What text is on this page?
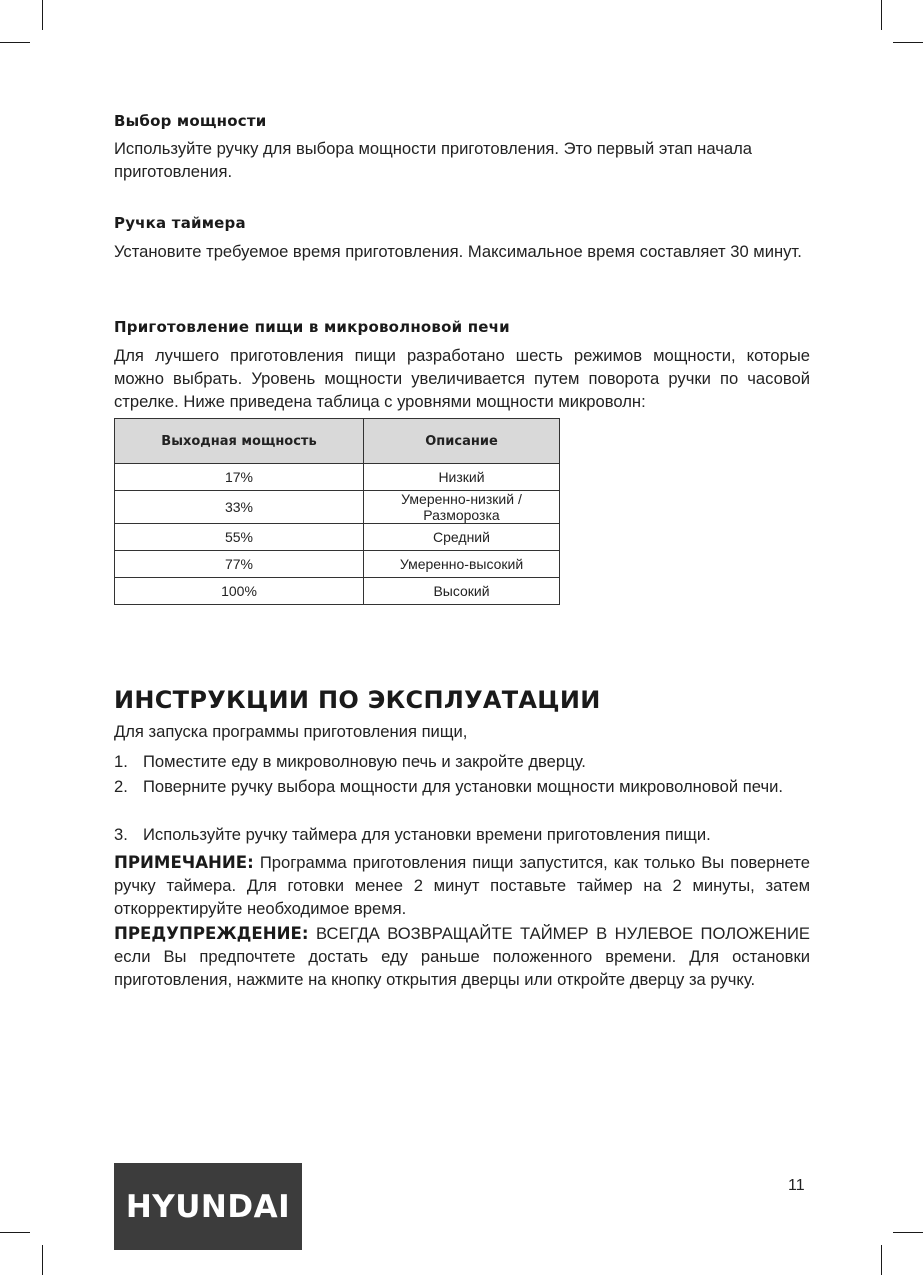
Выбор мощности

Используйте ручку для выбора мощности приготовления. Это первый этап начала приготовления.

Ручка таймера

Установите требуемое время приготовления. Максимальное время составляет 30 минут.

Приготовление пищи в микроволновой печи

Для лучшего приготовления пищи разработано шесть режимов мощности, которые можно выбрать. Уровень мощности увеличивается путем поворота ручки по часовой стрелке. Ниже приведена таблица с уровнями мощности микроволн:

Выходная мощность	Описание
17%	Низкий
33%	Умеренно-низкий / Разморозка
55%	Средний
77%	Умеренно-высокий
100%	Высокий
ИНСТРУКЦИИ ПО ЭКСПЛУАТАЦИИ

Для запуска программы приготовления пищи,

1. Поместите еду в микроволновую печь и закройте дверцу.
2. Поверните ручку выбора мощности для установки мощности микроволновой печи.
3. Используйте ручку таймера для установки времени приготовления пищи.

ПРИМЕЧАНИЕ: Программа приготовления пищи запустится, как только Вы повернете ручку таймера. Для готовки менее 2 минут поставьте таймер на 2 минуты, затем откорректируйте необходимое время.

ПРЕДУПРЕЖДЕНИЕ: ВСЕГДА ВОЗВРАЩАЙТЕ ТАЙМЕР В НУЛЕВОЕ ПОЛОЖЕНИЕ если Вы предпочтете достать еду раньше положенного времени. Для остановки приготовления, нажмите на кнопку открытия дверцы или откройте дверцу за ручку.

HYUNDAI
11
